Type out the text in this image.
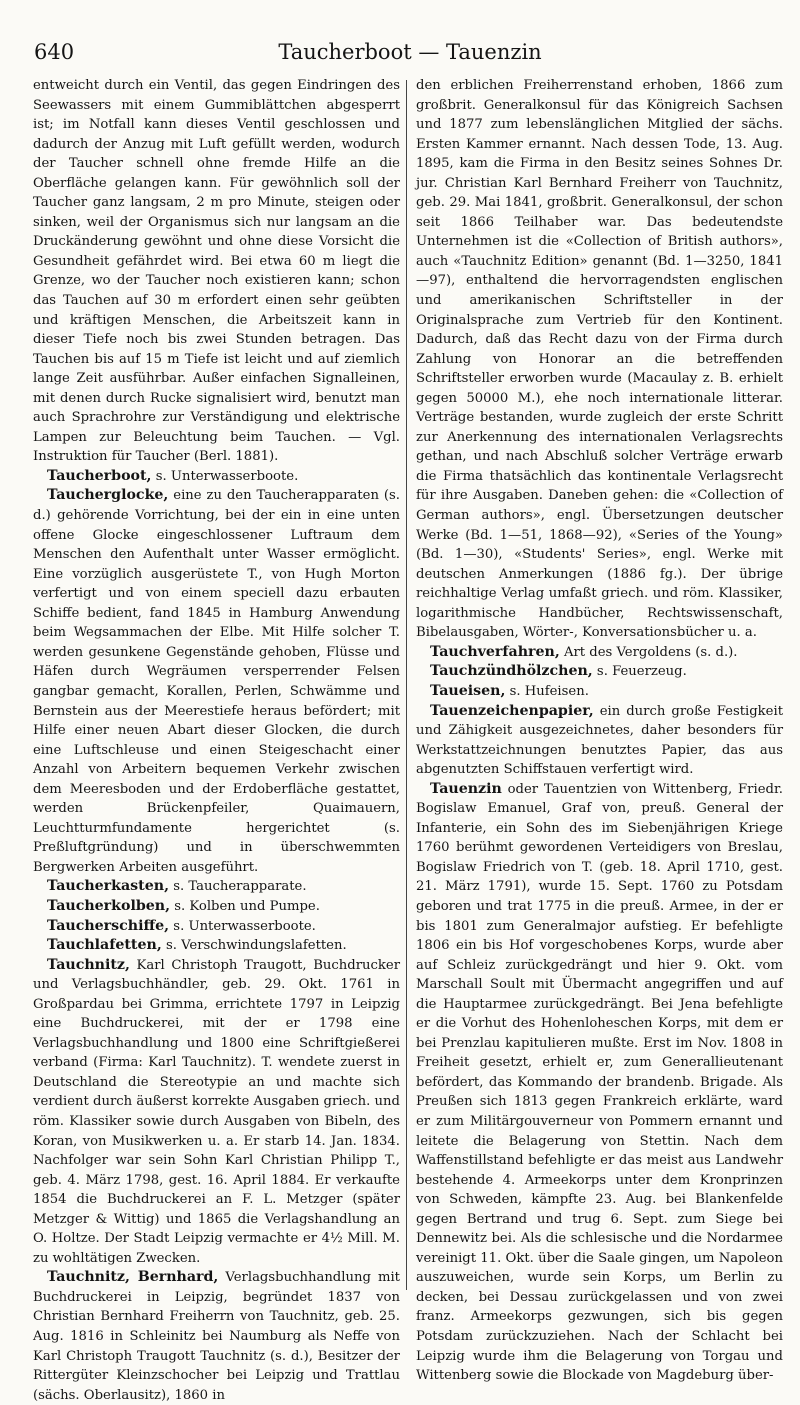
640	Taucherboot — Tauenzin

entweicht durch ein Ventil, das gegen Eindringen des Seewassers mit einem Gummiblättchen abgesperrt ist; im Notfall kann dieses Ventil geschlossen und dadurch der Anzug mit Luft gefüllt werden, wodurch der Taucher schnell ohne fremde Hilfe an die Oberfläche gelangen kann. Für gewöhnlich soll der Taucher ganz langsam, 2 m pro Minute, steigen oder sinken, weil der Organismus sich nur langsam an die Druckänderung gewöhnt und ohne diese Vorsicht die Gesundheit gefährdet wird. Bei etwa 60 m liegt die Grenze, wo der Taucher noch existieren kann; schon das Tauchen auf 30 m erfordert einen sehr geübten und kräftigen Menschen, die Arbeitszeit kann in dieser Tiefe noch bis zwei Stunden betragen. Das Tauchen bis auf 15 m Tiefe ist leicht und auf ziemlich lange Zeit ausführbar. Außer einfachen Signalleinen, mit denen durch Rucke signalisiert wird, benutzt man auch Sprachrohre zur Verständigung und elektrische Lampen zur Beleuchtung beim Tauchen. — Vgl. Instruktion für Taucher (Berl. 1881).

Taucherboot, s. Unterwasserboote.

Taucherglocke, eine zu den Taucherapparaten (s. d.) gehörende Vorrichtung, bei der ein in eine unten offene Glocke eingeschlossener Luftraum dem Menschen den Aufenthalt unter Wasser ermöglicht. Eine vorzüglich ausgerüstete T., von Hugh Morton verfertigt und von einem speciell dazu erbauten Schiffe bedient, fand 1845 in Hamburg Anwendung beim Wegsammachen der Elbe. Mit Hilfe solcher T. werden gesunkene Gegenstände gehoben, Flüsse und Häfen durch Wegräumen versperrender Felsen gangbar gemacht, Korallen, Perlen, Schwämme und Bernstein aus der Meerestiefe heraus befördert; mit Hilfe einer neuen Abart dieser Glocken, die durch eine Luftschleuse und einen Steigeschacht einer Anzahl von Arbeitern bequemen Verkehr zwischen dem Meeresboden und der Erdoberfläche gestattet, werden Brückenpfeiler, Quaimauern, Leuchtturmfundamente hergerichtet (s. Preßluftgründung) und in überschwemmten Bergwerken Arbeiten ausgeführt.

Taucherkasten, s. Taucherapparate.

Taucherkolben, s. Kolben und Pumpe.

Taucherschiffe, s. Unterwasserboote.

Tauchlafetten, s. Verschwindungslafetten.

Tauchnitz, Karl Christoph Traugott, Buchdrucker und Verlagsbuchhändler, geb. 29. Okt. 1761 in Großpardau bei Grimma, errichtete 1797 in Leipzig eine Buchdruckerei, mit der er 1798 eine Verlagsbuchhandlung und 1800 eine Schriftgießerei verband (Firma: Karl Tauchnitz). T. wendete zuerst in Deutschland die Stereotypie an und machte sich verdient durch äußerst korrekte Ausgaben griech. und röm. Klassiker sowie durch Ausgaben von Bibeln, des Koran, von Musikwerken u. a. Er starb 14. Jan. 1834. Nachfolger war sein Sohn Karl Christian Philipp T., geb. 4. März 1798, gest. 16. April 1884. Er verkaufte 1854 die Buchdruckerei an F. L. Metzger (später Metzger & Wittig) und 1865 die Verlagshandlung an O. Holtze. Der Stadt Leipzig vermachte er 4½ Mill. M. zu wohltätigen Zwecken.

Tauchnitz, Bernhard, Verlagsbuchhandlung mit Buchdruckerei in Leipzig, begründet 1837 von Christian Bernhard Freiherrn von Tauchnitz, geb. 25. Aug. 1816 in Schleinitz bei Naumburg als Neffe von Karl Christoph Traugott Tauchnitz (s. d.), Besitzer der Rittergüter Kleinzschocher bei Leipzig und Trattlau (sächs. Oberlausitz), 1860 in

den erblichen Freiherrenstand erhoben, 1866 zum großbrit. Generalkonsul für das Königreich Sachsen und 1877 zum lebenslänglichen Mitglied der sächs. Ersten Kammer ernannt. Nach dessen Tode, 13. Aug. 1895, kam die Firma in den Besitz seines Sohnes Dr. jur. Christian Karl Bernhard Freiherr von Tauchnitz, geb. 29. Mai 1841, großbrit. Generalkonsul, der schon seit 1866 Teilhaber war. Das bedeutendste Unternehmen ist die «Collection of British authors», auch «Tauchnitz Edition» genannt (Bd. 1—3250, 1841—97), enthaltend die hervorragendsten englischen und amerikanischen Schriftsteller in der Originalsprache zum Vertrieb für den Kontinent. Dadurch, daß das Recht dazu von der Firma durch Zahlung von Honorar an die betreffenden Schriftsteller erworben wurde (Macaulay z. B. erhielt gegen 50000 M.), ehe noch internationale litterar. Verträge bestanden, wurde zugleich der erste Schritt zur Anerkennung des internationalen Verlagsrechts gethan, und nach Abschluß solcher Verträge erwarb die Firma thatsächlich das kontinentale Verlagsrecht für ihre Ausgaben. Daneben gehen: die «Collection of German authors», engl. Übersetzungen deutscher Werke (Bd. 1—51, 1868—92), «Series of the Young» (Bd. 1—30), «Students' Series», engl. Werke mit deutschen Anmerkungen (1886 fg.). Der übrige reichhaltige Verlag umfaßt griech. und röm. Klassiker, logarithmische Handbücher, Rechtswissenschaft, Bibelausgaben, Wörter-, Konversationsbücher u. a.

Tauchverfahren, Art des Vergoldens (s. d.).

Tauchzündhölzchen, s. Feuerzeug.

Taueisen, s. Hufeisen.

Tauenzeichenpapier, ein durch große Festigkeit und Zähigkeit ausgezeichnetes, daher besonders für Werkstattzeichnungen benutztes Papier, das aus abgenutzten Schiffstauen verfertigt wird.

Tauenzin oder Tauentzien von Wittenberg, Friedr. Bogislaw Emanuel, Graf von, preuß. General der Infanterie, ein Sohn des im Siebenjährigen Kriege 1760 berühmt gewordenen Verteidigers von Breslau, Bogislaw Friedrich von T. (geb. 18. April 1710, gest. 21. März 1791), wurde 15. Sept. 1760 zu Potsdam geboren und trat 1775 in die preuß. Armee, in der er bis 1801 zum Generalmajor aufstieg. Er befehligte 1806 ein bis Hof vorgeschobenes Korps, wurde aber auf Schleiz zurückgedrängt und hier 9. Okt. vom Marschall Soult mit Übermacht angegriffen und auf die Hauptarmee zurückgedrängt. Bei Jena befehligte er die Vorhut des Hohenloheschen Korps, mit dem er bei Prenzlau kapitulieren mußte. Erst im Nov. 1808 in Freiheit gesetzt, erhielt er, zum Generallieutenant befördert, das Kommando der brandenb. Brigade. Als Preußen sich 1813 gegen Frankreich erklärte, ward er zum Militärgouverneur von Pommern ernannt und leitete die Belagerung von Stettin. Nach dem Waffenstillstand befehligte er das meist aus Landwehr bestehende 4. Armeekorps unter dem Kronprinzen von Schweden, kämpfte 23. Aug. bei Blankenfelde gegen Bertrand und trug 6. Sept. zum Siege bei Dennewitz bei. Als die schlesische und die Nordarmee vereinigt 11. Okt. über die Saale gingen, um Napoleon auszuweichen, wurde sein Korps, um Berlin zu decken, bei Dessau zurückgelassen und von zwei franz. Armeekorps gezwungen, sich bis gegen Potsdam zurückzuziehen. Nach der Schlacht bei Leipzig wurde ihm die Belagerung von Torgau und Wittenberg sowie die Blockade von Magdeburg über-
